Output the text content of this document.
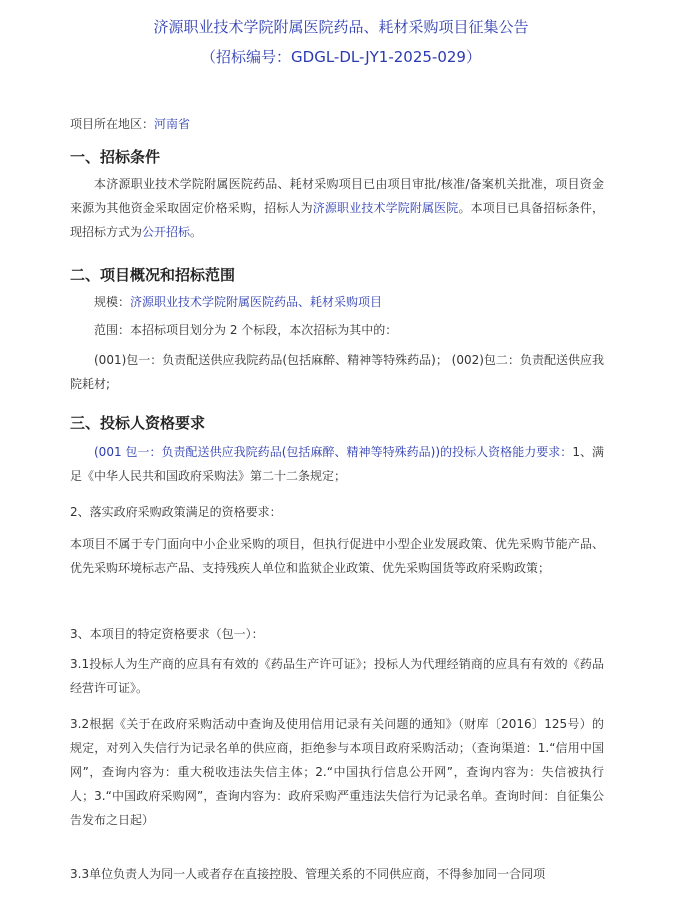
济源职业技术学院附属医院药品、耗材采购项目征集公告
（招标编号：GDGL-DL-JY1-2025-029）
项目所在地区：河南省
一、招标条件
本济源职业技术学院附属医院药品、耗材采购项目已由项目审批/核准/备案机关批准，项目资金来源为其他资金采取固定价格采购，招标人为济源职业技术学院附属医院。本项目已具备招标条件，现招标方式为公开招标。
二、项目概况和招标范围
规模：济源职业技术学院附属医院药品、耗材采购项目
范围：本招标项目划分为 2 个标段，本次招标为其中的：
(001)包一：负责配送供应我院药品(包括麻醉、精神等特殊药品)； (002)包二：负责配送供应我院耗材;
三、投标人资格要求
(001 包一：负责配送供应我院药品(包括麻醉、精神等特殊药品))的投标人资格能力要求：1、满足《中华人民共和国政府采购法》第二十二条规定；
2、落实政府采购政策满足的资格要求：
本项目不属于专门面向中小企业采购的项目，但执行促进中小型企业发展政策、优先采购节能产品、优先采购环境标志产品、支持残疾人单位和监狱企业政策、优先采购国货等政府采购政策；
3、本项目的特定资格要求（包一）：
3.1投标人为生产商的应具有有效的《药品生产许可证》；投标人为代理经销商的应具有有效的《药品经营许可证》。
3.2根据《关于在政府采购活动中查询及使用信用记录有关问题的通知》（财库〔2016〕125号）的规定，对列入失信行为记录名单的供应商，拒绝参与本项目政府采购活动；（查询渠道：1.“信用中国网”，查询内容为：重大税收违法失信主体；2.“中国执行信息公开网”，查询内容为：失信被执行人；3.“中国政府采购网”，查询内容为：政府采购严重违法失信行为记录名单。查询时间：自征集公告发布之日起）
3.3单位负责人为同一人或者存在直接控股、管理关系的不同供应商，不得参加同一合同项
